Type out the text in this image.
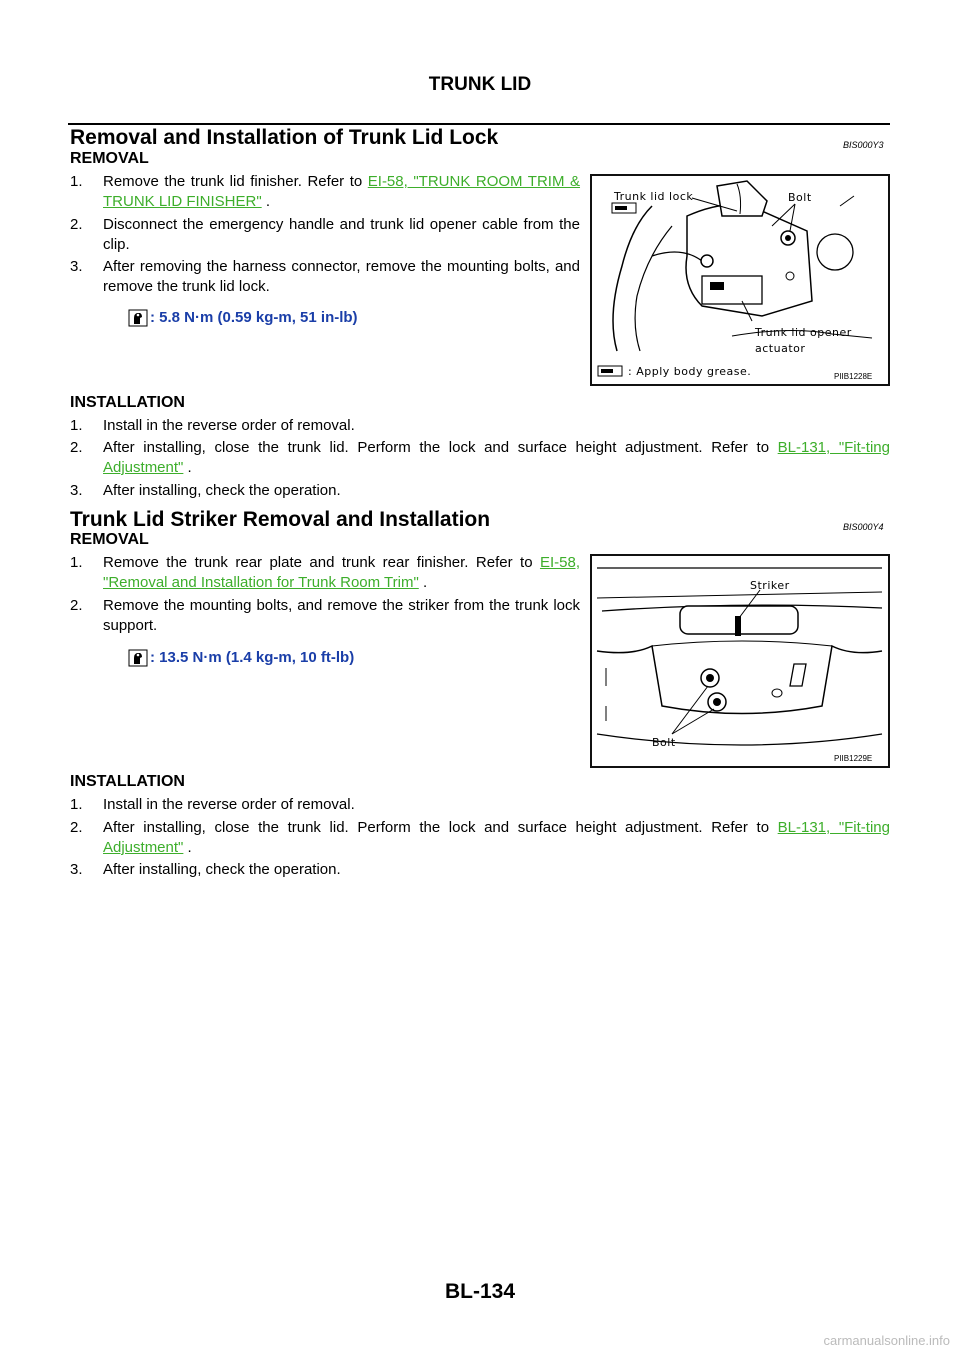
TRUNK LID
Removal and Installation of Trunk Lid Lock	BIS000Y3
REMOVAL
1. Remove the trunk lid finisher. Refer to EI-58, "TRUNK ROOM TRIM & TRUNK LID FINISHER" .
2. Disconnect the emergency handle and trunk lid opener cable from the clip.
3. After removing the harness connector, remove the mounting bolts, and remove the trunk lid lock.
: 5.8 N·m (0.59 kg-m, 51 in-lb)
Trunk lid lock	Bolt
Trunk lid opener
actuator
: Apply body grease.	PIIB1228E
INSTALLATION
1. Install in the reverse order of removal.
2. After installing, close the trunk lid. Perform the lock and surface height adjustment. Refer to BL-131, "Fit-ting Adjustment" .
3. After installing, check the operation.
Trunk Lid Striker Removal and Installation	BIS000Y4
REMOVAL
1. Remove the trunk rear plate and trunk rear finisher. Refer to EI-58, "Removal and Installation for Trunk Room Trim" .
2. Remove the mounting bolts, and remove the striker from the trunk lock support.
: 13.5 N·m (1.4 kg-m, 10 ft-lb)
Striker
Bolt
PIIB1229E
INSTALLATION
1. Install in the reverse order of removal.
2. After installing, close the trunk lid. Perform the lock and surface height adjustment. Refer to BL-131, "Fit-ting Adjustment" .
3. After installing, check the operation.
BL-134
carmanualsonline.info
